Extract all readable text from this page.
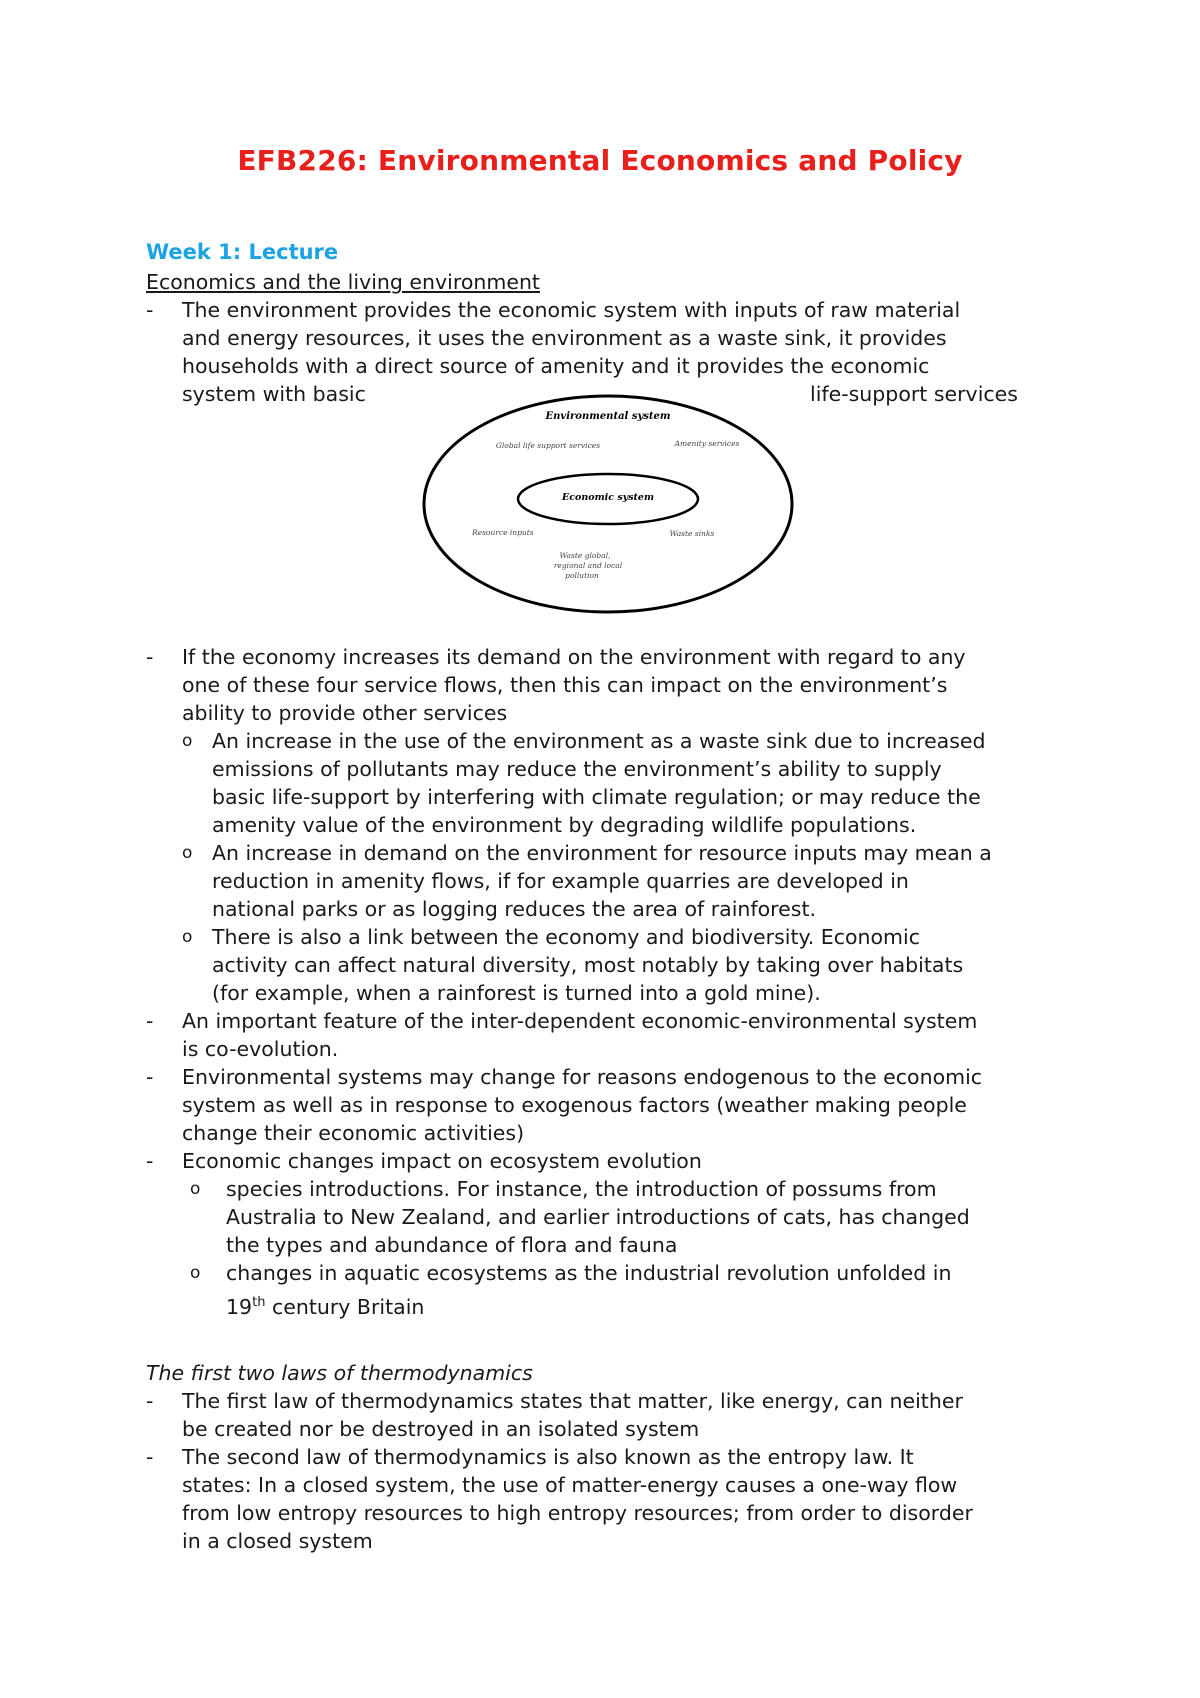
EFB226: Environmental Economics and Policy
Week 1: Lecture
Economics and the living environment
- The environment provides the economic system with inputs of raw material
and energy resources, it uses the environment as a waste sink, it provides
households with a direct source of amenity and it provides the economic
system with basic	life-support services
Environmental system
Economic system
Global life support services	Amenity services
Resource inputs	Waste sinks
Waste global,
regional and local
pollution
- If the economy increases its demand on the environment with regard to any
one of these four service flows, then this can impact on the environment’s
ability to provide other services
o An increase in the use of the environment as a waste sink due to increased
emissions of pollutants may reduce the environment’s ability to supply
basic life-support by interfering with climate regulation; or may reduce the
amenity value of the environment by degrading wildlife populations.
o An increase in demand on the environment for resource inputs may mean a
reduction in amenity flows, if for example quarries are developed in
national parks or as logging reduces the area of rainforest.
o There is also a link between the economy and biodiversity. Economic
activity can affect natural diversity, most notably by taking over habitats
(for example, when a rainforest is turned into a gold mine).
- An important feature of the inter-dependent economic-environmental system
is co-evolution.
- Environmental systems may change for reasons endogenous to the economic
system as well as in response to exogenous factors (weather making people
change their economic activities)
- Economic changes impact on ecosystem evolution
o species introductions. For instance, the introduction of possums from
Australia to New Zealand, and earlier introductions of cats, has changed
the types and abundance of flora and fauna
o changes in aquatic ecosystems as the industrial revolution unfolded in
19th century Britain
The first two laws of thermodynamics
- The first law of thermodynamics states that matter, like energy, can neither
be created nor be destroyed in an isolated system
- The second law of thermodynamics is also known as the entropy law. It
states: In a closed system, the use of matter-energy causes a one-way flow
from low entropy resources to high entropy resources; from order to disorder
in a closed system
